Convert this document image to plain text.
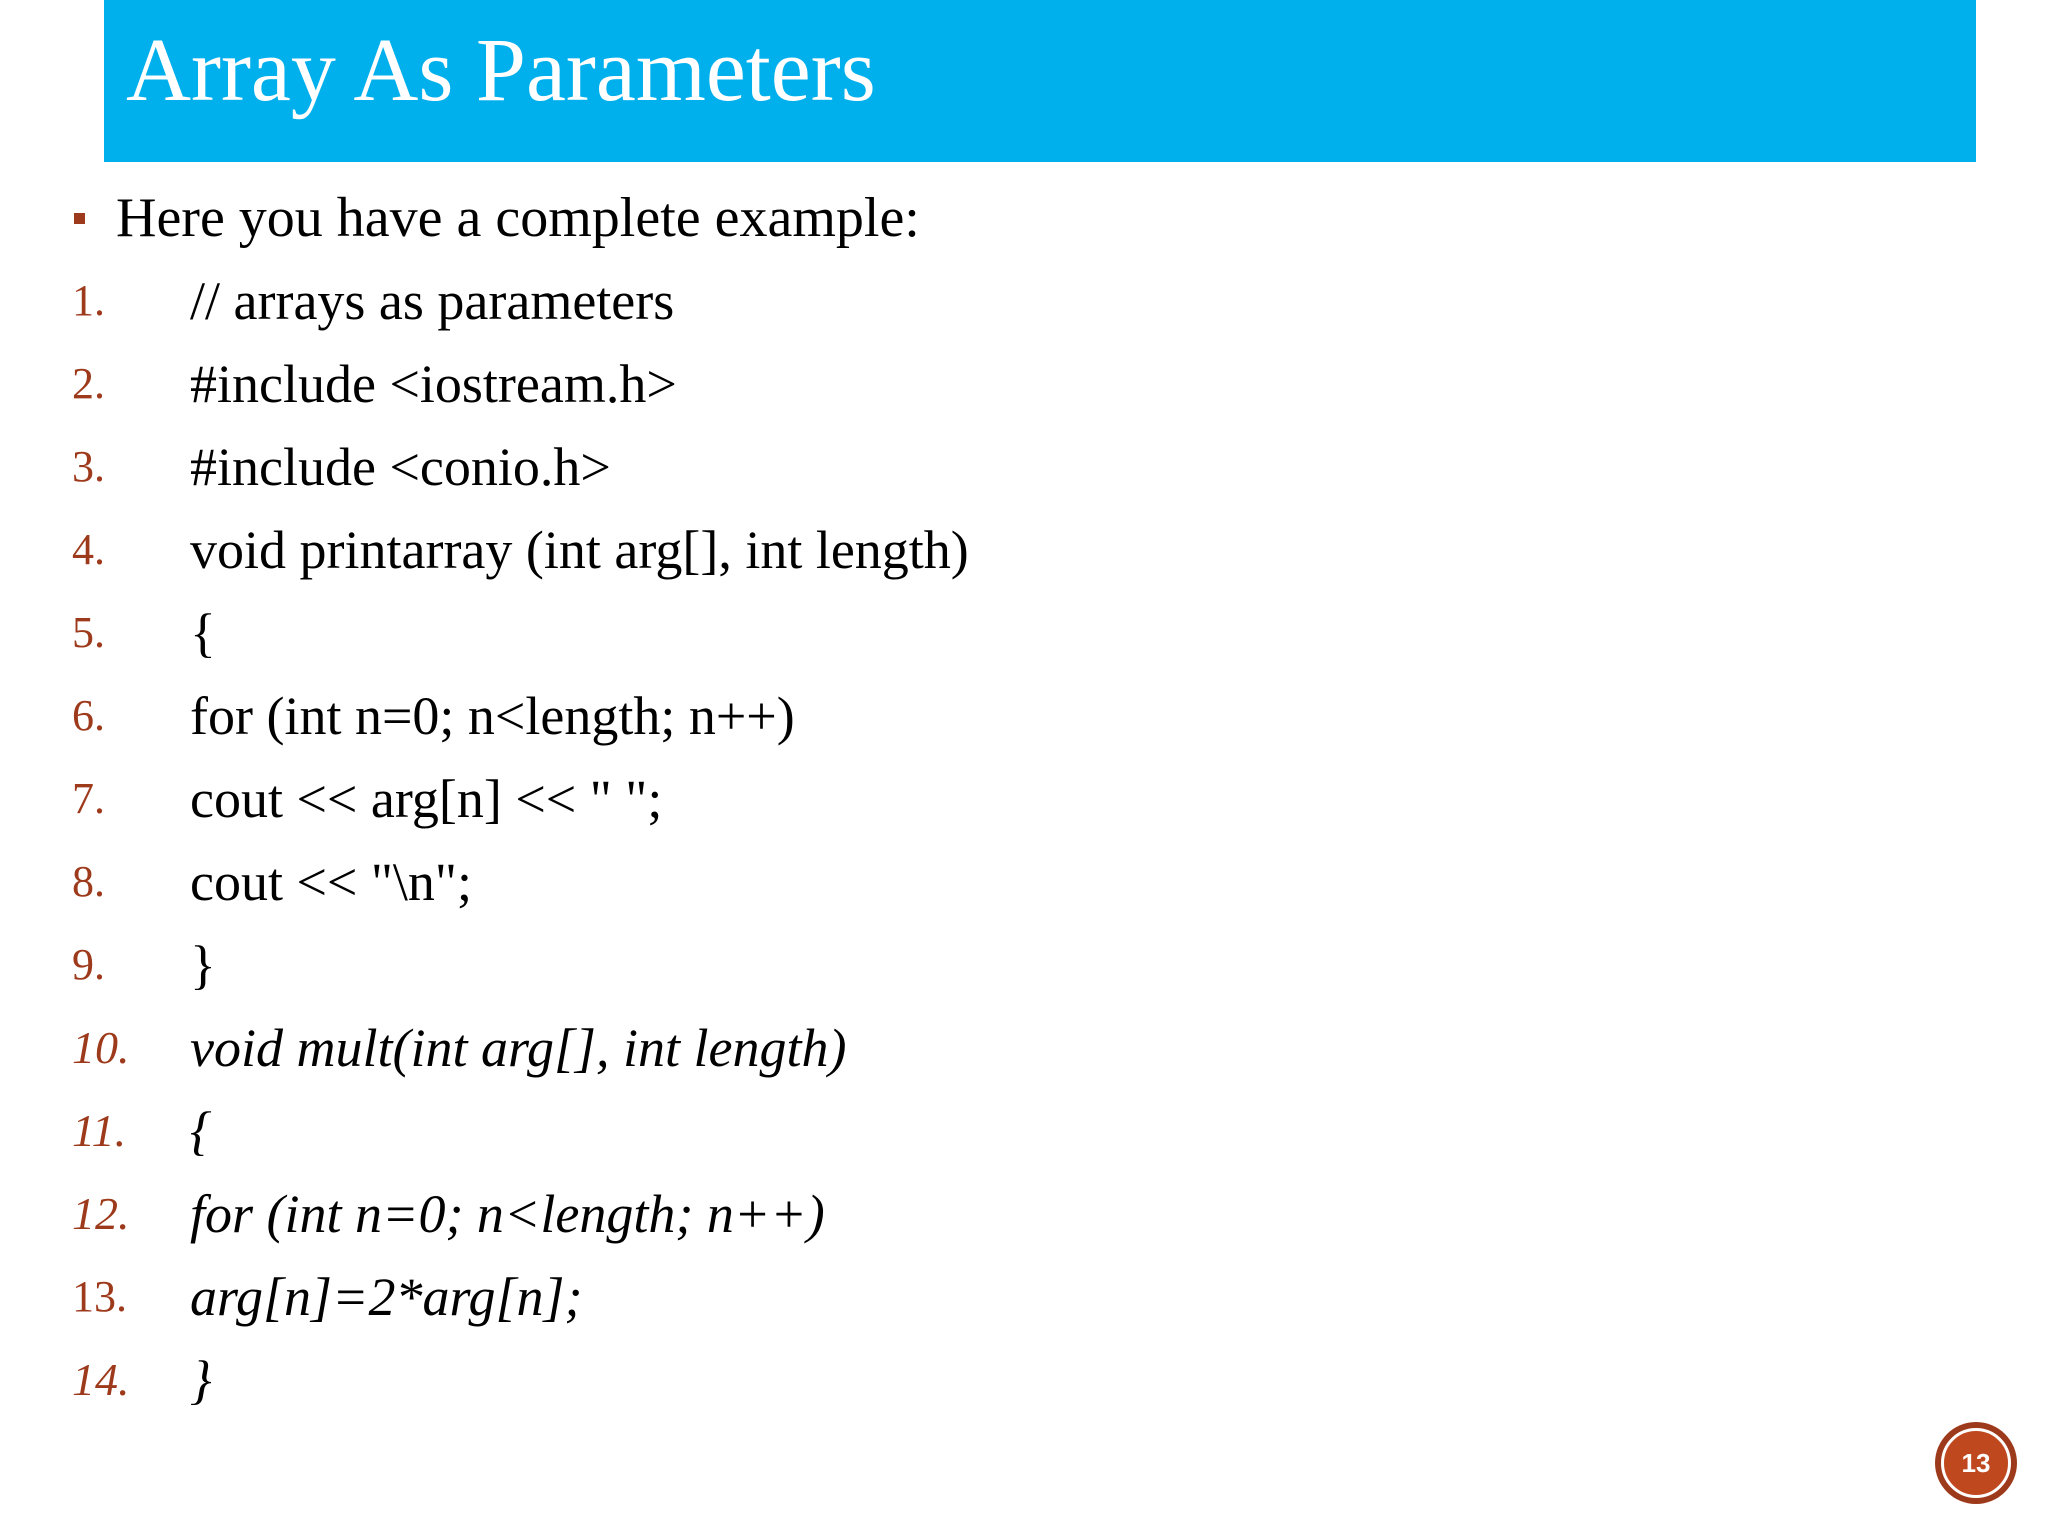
Array As Parameters
Here you have a complete example:
1. // arrays as parameters
2. #include <iostream.h>
3. #include <conio.h>
4. void printarray (int arg[], int length)
5. {
6. for (int n=0; n<length; n++)
7. cout << arg[n] << " ";
8. cout << "\n";
9. }
10. void mult(int arg[], int length)
11. {
12. for (int n=0; n<length; n++)
13. arg[n]=2*arg[n];
14. }
13
